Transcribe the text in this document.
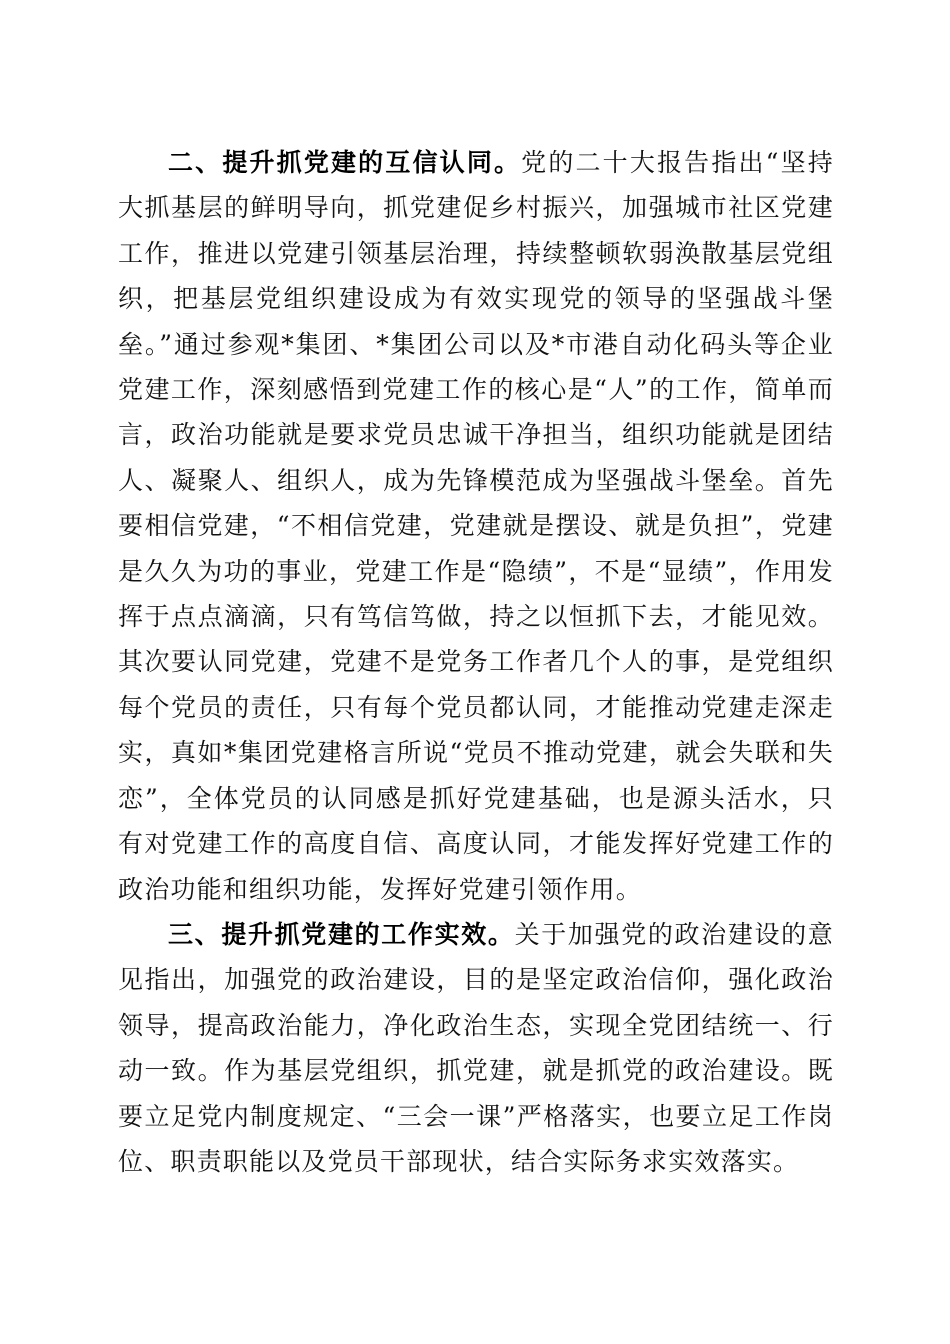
二、提升抓党建的互信认同。党的二十大报告指出“坚持大抓基层的鲜明导向，抓党建促乡村振兴，加强城市社区党建工作，推进以党建引领基层治理，持续整顿软弱涣散基层党组织，把基层党组织建设成为有效实现党的领导的坚强战斗堡垒。”通过参观*集团、*集团公司以及*市港自动化码头等企业党建工作，深刻感悟到党建工作的核心是“人”的工作，简单而言，政治功能就是要求党员忠诚干净担当，组织功能就是团结人、凝聚人、组织人，成为先锋模范成为坚强战斗堡垒。首先要相信党建，“不相信党建，党建就是摆设、就是负担”，党建是久久为功的事业，党建工作是“隐绩”，不是“显绩”，作用发挥于点点滴滴，只有笃信笃做，持之以恒抓下去，才能见效。其次要认同党建，党建不是党务工作者几个人的事，是党组织每个党员的责任，只有每个党员都认同，才能推动党建走深走实，真如*集团党建格言所说“党员不推动党建，就会失联和失恋”，全体党员的认同感是抓好党建基础，也是源头活水，只有对党建工作的高度自信、高度认同，才能发挥好党建工作的政治功能和组织功能，发挥好党建引领作用。

三、提升抓党建的工作实效。关于加强党的政治建设的意见指出，加强党的政治建设，目的是坚定政治信仰，强化政治领导，提高政治能力，净化政治生态，实现全党团结统一、行动一致。作为基层党组织，抓党建，就是抓党的政治建设。既要立足党内制度规定、“三会一课”严格落实，也要立足工作岗位、职责职能以及党员干部现状，结合实际务求实效落实。
